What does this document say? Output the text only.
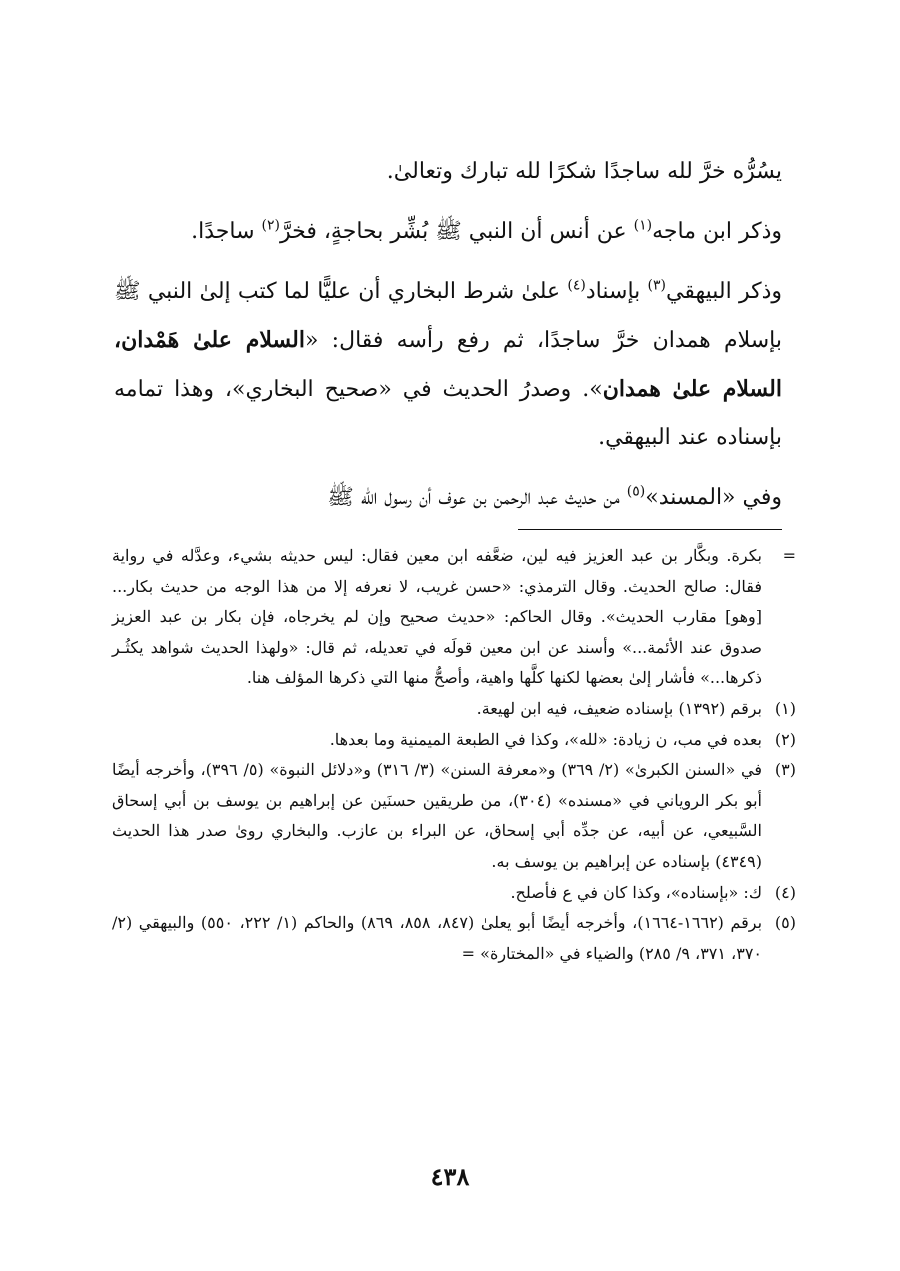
يسُرُّه خرَّ لله ساجدًا شكرًا لله تبارك وتعالىٰ.

وذكر ابن ماجه$^{(١)}$ عن أنس أن النبي ﷺ بُشِّر بحاجةٍ، فخرَّ$^{(٢)}$ ساجدًا.

وذكر البيهقي$^{(٣)}$ بإسناد$^{(٤)}$ علىٰ شرط البخاري أن عليًّا لما كتب إلىٰ النبي ﷺ بإسلام همدان خرَّ ساجدًا، ثم رفع رأسه فقال: «السلام علىٰ هَمْدان، السلام علىٰ همدان». وصدرُ الحديث في «صحيح البخاري»، وهذا تمامه بإسناده عند البيهقي.

وفي «المسند»$^{(٥)}$ من حديث عبد الرحمن بن عوف أن رسول الله ﷺ

=
بكرة. وبكَّار بن عبد العزيز فيه لين، ضعَّفه ابن معين فقال: ليس حديثه بشيء، وعدَّله في رواية فقال: صالح الحديث. وقال الترمذي: «حسن غريب، لا نعرفه إلا من هذا الوجه من حديث بكار... [وهو] مقارب الحديث». وقال الحاكم: «حديث صحيح وإن لم يخرجاه، فإن بكار بن عبد العزيز صدوق عند الأئمة...» وأسند عن ابن معين قولَه في تعديله، ثم قال: «ولهذا الحديث شواهد يكثُـر ذكرها...» فأشار إلىٰ بعضها لكنها كلَّها واهية، وأصحُّ منها التي ذكرها المؤلف هنا.
(١)
برقم (١٣٩٢) بإسناده ضعيف، فيه ابن لهيعة.
(٢)
بعده في مب، ن زيادة: «لله»، وكذا في الطبعة الميمنية وما بعدها.
(٣)
في «السنن الكبرىٰ» (٢/ ٣٦٩) و«معرفة السنن» (٣/ ٣١٦) و«دلائل النبوة» (٥/ ٣٩٦)، وأخرجه أيضًا أبو بكر الروياني في «مسنده» (٣٠٤)، من طريقين حسنَين عن إبراهيم بن يوسف بن أبي إسحاق السَّبيعي، عن أبيه، عن جدِّه أبي إسحاق، عن البراء بن عازب. والبخاري روىٰ صدر هذا الحديث (٤٣٤٩) بإسناده عن إبراهيم بن يوسف به.
(٤)
ك: «بإسناده»، وكذا كان في ع فأصلح.
(٥)
برقم (١٦٦٢-١٦٦٤)، وأخرجه أيضًا أبو يعلىٰ (٨٤٧، ٨٥٨، ٨٦٩) والحاكم (١/ ٢٢٢، ٥٥٠) والبيهقي (٢/ ٣٧٠، ٣٧١، ٩/ ٢٨٥) والضياء في «المختارة» =
٤٣٨
